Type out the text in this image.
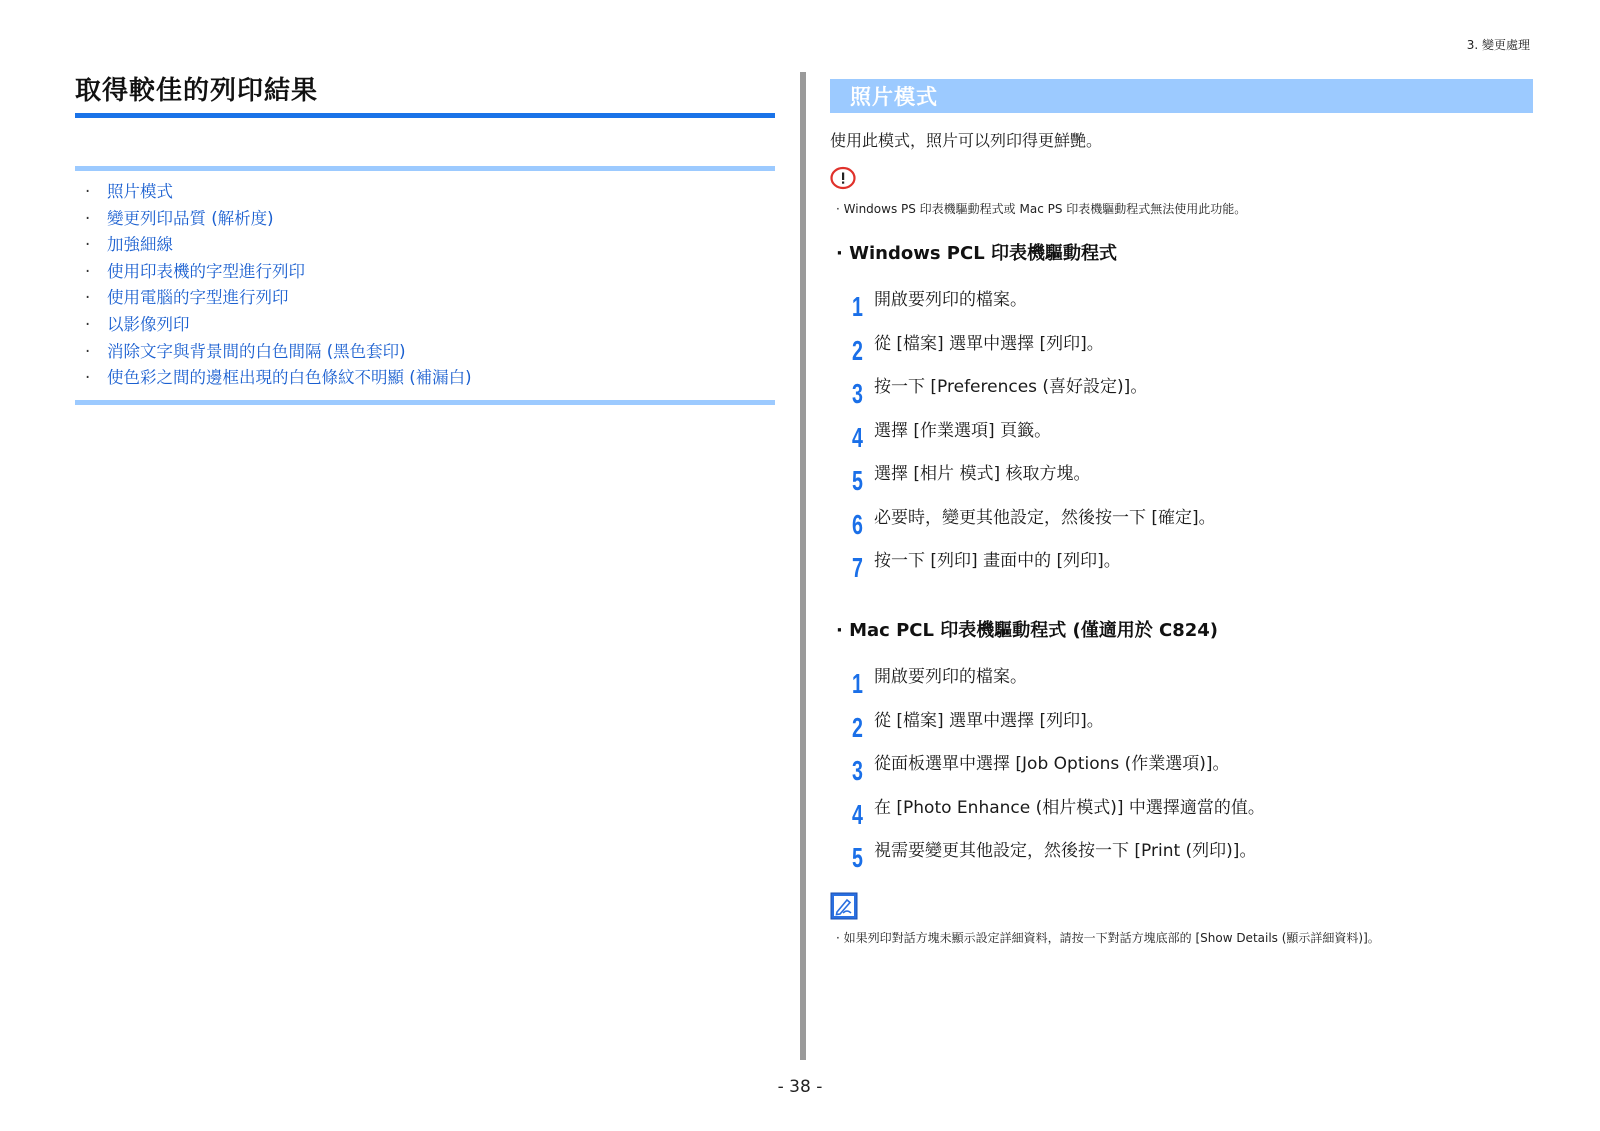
3. 變更處理
取得較佳的列印結果
·	照片模式
·	變更列印品質 (解析度)
·	加強細線
·	使用印表機的字型進行列印
·	使用電腦的字型進行列印
·	以影像列印
·	消除文字與背景間的白色間隔 (黑色套印)
·	使色彩之間的邊框出現的白色條紋不明顯 (補漏白)
照片模式

使用此模式，照片可以列印得更鮮艷。

· Windows PS 印表機驅動程式或 Mac PS 印表機驅動程式無法使用此功能。
· Windows PCL 印表機驅動程式
1 開啟要列印的檔案。
2 從 [檔案] 選單中選擇 [列印]。
3 按一下 [Preferences (喜好設定)]。
4 選擇 [作業選項] 頁籤。
5 選擇 [相片 模式] 核取方塊。
6 必要時，變更其他設定，然後按一下 [確定]。
7 按一下 [列印] 畫面中的 [列印]。
· Mac PCL 印表機驅動程式 (僅適用於 C824)
1 開啟要列印的檔案。
2 從 [檔案] 選單中選擇 [列印]。
3 從面板選單中選擇 [Job Options (作業選項)]。
4 在 [Photo Enhance (相片模式)] 中選擇適當的值。
5 視需要變更其他設定，然後按一下 [Print (列印)]。
· 如果列印對話方塊未顯示設定詳細資料，請按一下對話方塊底部的 [Show Details (顯示詳細資料)]。
- 38 -
